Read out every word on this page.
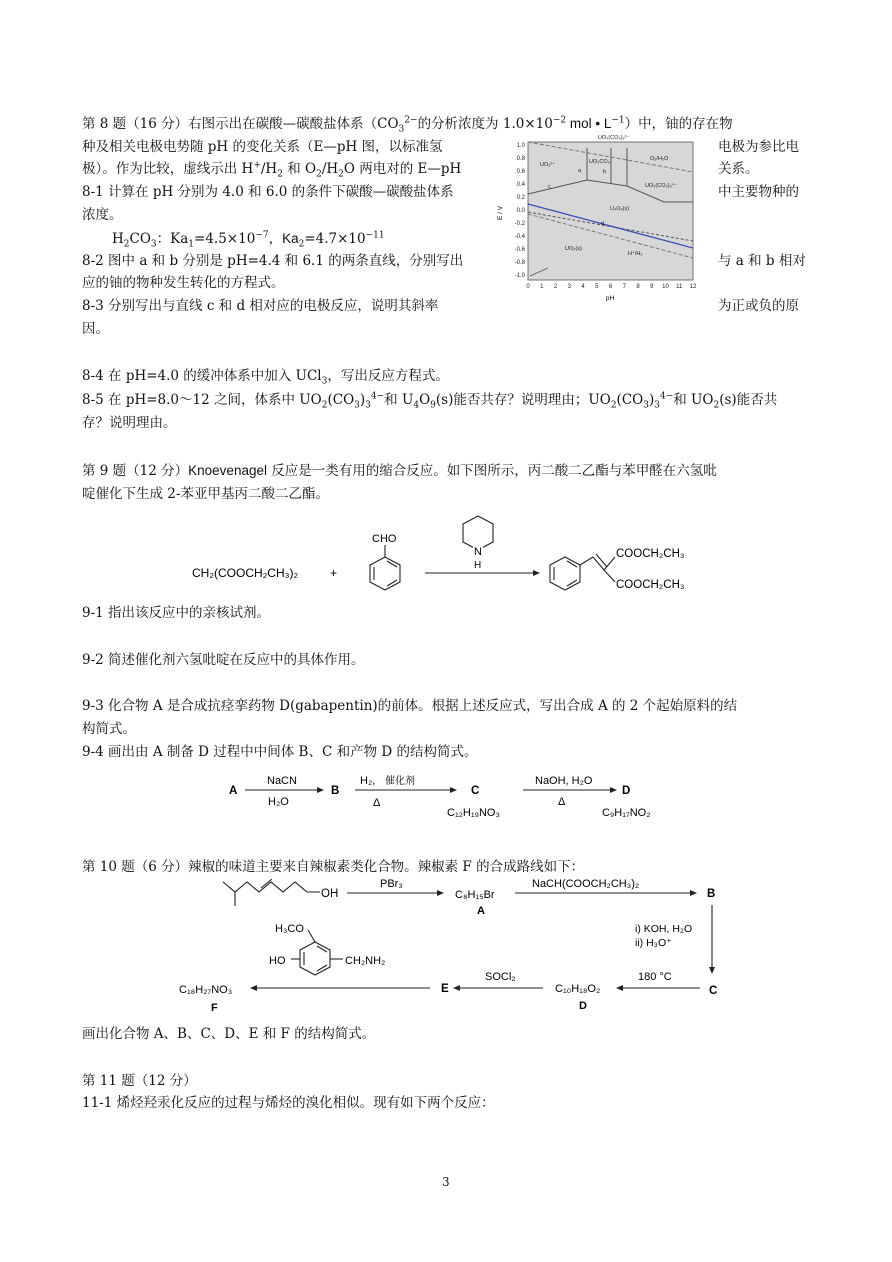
第 8 题（16 分）右图示出在碳酸—碳酸盐体系（$CO_3^{2-}$的分析浓度为 $1.0\times 10^{-2}$ mol • $L^{-1}$）中，铀的存在物
种及相关电极电势随 pH 的变化关系（E—pH 图，以标准氢	电极为参比电
极）。作为比较，虚线示出 $H^+/H_2$ 和 $O_2/H_2O$ 两电对的 E—pH	关系。
8-1 计算在 pH 分别为 4.0 和 6.0 的条件下碳酸—碳酸盐体系	中主要物种的
浓度。
$H_2CO_3$：$Ka_1=4.5\times 10^{-7}$，$Ka_2=4.7\times 10^{-11}$
8-2 图中 a 和 b 分别是 pH=4.4 和 6.1 的两条直线，分别写出	与 a 和 b 相对
应的铀的物种发生转化的方程式。
8-3 分别写出与直线 c 和 d 相对应的电极反应，说明其斜率	为正或负的原
因。
8-4 在 pH=4.0 的缓冲体系中加入 UCl$_3$，写出反应方程式。
8-5 在 pH=8.0～12 之间，体系中 $UO_2(CO_3)_3^{4-}$和 $U_4O_9(s)$能否共存？说明理由；$UO_2(CO_3)_3^{4-}$和 $UO_2(s)$能否共
存？说明理由。
1.0
0.8
0.6
0.4
0.2
0.0
-0.2
-0.4
-0.6
-0.8
-1.0
0 1 2 3 4 5 6 7 8 9 10 11 12
pH
E / V
UO₂(CO₃)₂²⁻
UO₂²⁺
a
UO₂CO₃
b
O₂/H₂O
UO₂(CO₃)₃⁴⁻
c
U₄O₉(s)
d
UO₂(s)
H⁺/H₂
第 9 题（12 分）Knoevenagel 反应是一类有用的缩合反应。如下图所示，丙二酸二乙酯与苯甲醛在六氢吡
啶催化下生成 2-苯亚甲基丙二酸二乙酯。
CH₂(COOCH₂CH₃)₂	+
CHO
N
H
COOCH₂CH₃
COOCH₂CH₃
9-1 指出该反应中的亲核试剂。
9-2 简述催化剂六氢吡啶在反应中的具体作用。
9-3 化合物 A 是合成抗痉挛药物 D(gabapentin)的前体。根据上述反应式，写出合成 A 的 2 个起始原料的结
构简式。
9-4 画出由 A 制备 D 过程中中间体 B、C 和产物 D 的结构简式。
A	B	C	D
NaCN
H₂O
H₂, 催化剂
Δ
NaOH, H₂O
Δ
C₁₂H₁₉NO₃	C₉H₁₇NO₂
第 10 题（6 分）辣椒的味道主要来自辣椒素类化合物。辣椒素 F 的合成路线如下：
OH
PBr₃
C₈H₁₅Br
A
NaCH(COOCH₂CH₃)₂
B
i) KOH, H₂O
ii) H₃O⁺
C
180 °C
C₁₀H₁₈O₂
D
SOCl₂
E
H₃CO
HO	CH₂NH₂
C₁₈H₂₇NO₃
F
画出化合物 A、B、C、D、E 和 F 的结构简式。
第 11 题（12 分）
11-1 烯烃羟汞化反应的过程与烯烃的溴化相似。现有如下两个反应：
3
